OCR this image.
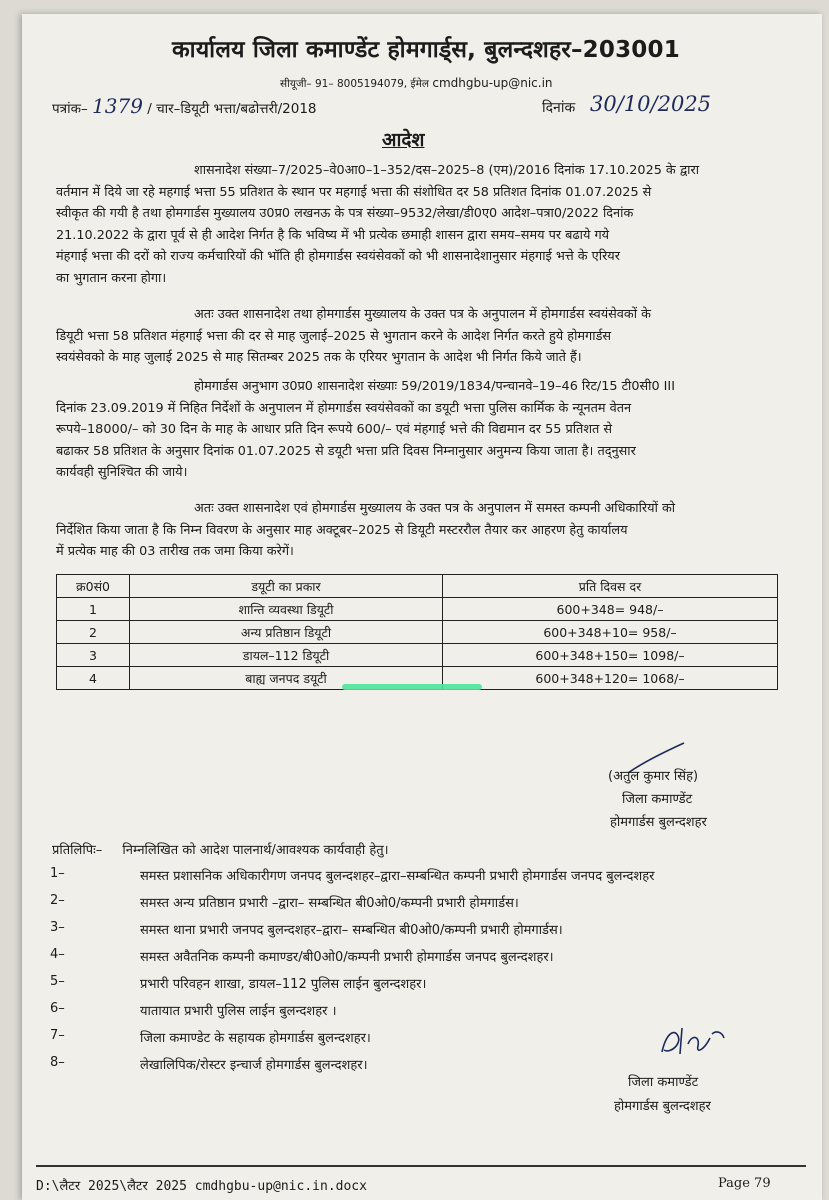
कार्यालय जिला कमाण्डेंट होमगार्ड्स, बुलन्दशहर–203001
सीयूजी– 91– 8005194079, ईमेल cmdhgbu-up@nic.in
पत्रांक– 1379 / चार–डियूटी भत्ता/बढोत्तरी/2018	दिनांक 30/10/2025
आदेश
शासनादेश संख्या–7/2025–वे0आ0–1–352/दस–2025–8 (एम)/2016 दिनांक 17.10.2025 के द्वारा
वर्तमान में दिये जा रहे महगाई भत्ता 55 प्रतिशत के स्थान पर महगाई भत्ता की संशोधित दर 58 प्रतिशत दिनांक 01.07.2025 से
स्वीकृत की गयी है तथा होमगार्डस मुख्यालय उ0प्र0 लखनऊ के पत्र संख्या–9532/लेखा/डी0ए0 आदेश–पत्रा0/2022 दिनांक
21.10.2022 के द्वारा पूर्व से ही आदेश निर्गत है कि भविष्य में भी प्रत्येक छमाही शासन द्वारा समय–समय पर बढाये गये
मंहगाई भत्ता की दरों को राज्य कर्मचारियों की भॉति ही होमगार्डस स्वयंसेवकों को भी शासनादेशानुसार मंहगाई भत्ते के एरियर
का भुगतान करना होगा।
अतः उक्त शासनादेश तथा होमगार्डस मुख्यालय के उक्त पत्र के अनुपालन में होमगार्डस स्वयंसेवकों के
डियूटी भत्ता 58 प्रतिशत मंहगाई भत्ता की दर से माह जुलाई–2025 से भुगतान करने के आदेश निर्गत करते हुये होमगार्डस
स्वयंसेवको के माह जुलाई 2025 से माह सितम्बर 2025 तक के एरियर भुगतान के आदेश भी निर्गत किये जाते हैं।
होमगार्डस अनुभाग उ0प्र0 शासनादेश संख्याः 59/2019/1834/पन्चानवे–19–46 रिट/15 टी0सी0 III
दिनांक 23.09.2019 में निहित निर्देशों के अनुपालन में होमगार्डस स्वयंसेवकों का डयूटी भत्ता पुलिस कार्मिक के न्यूनतम वेतन
रूपये–18000/– को 30 दिन के माह के आधार प्रति दिन रूपये 600/– एवं मंहगाई भत्ते की विद्यमान दर 55 प्रतिशत से
बढाकर 58 प्रतिशत के अनुसार दिनांक 01.07.2025 से डयूटी भत्ता प्रति दिवस निम्नानुसार अनुमन्य किया जाता है। तद्नुसार
कार्यवही सुनिश्चित की जाये।
अतः उक्त शासनादेश एवं होमगार्डस मुख्यालय के उक्त पत्र के अनुपालन में समस्त कम्पनी अधिकारियों को
निर्देशित किया जाता है कि निम्न विवरण के अनुसार माह अक्टूबर–2025 से डियूटी मस्टररौल तैयार कर आहरण हेतु कार्यालय
में प्रत्येक माह की 03 तारीख तक जमा किया करेगें।
क्र0सं0	डयूटी का प्रकार	प्रति दिवस दर
1	शान्ति व्यवस्था डियूटी	600+348= 948/–
2	अन्य प्रतिष्ठान डियूटी	600+348+10= 958/–
3	डायल–112 डियूटी	600+348+150= 1098/–
4	बाह्य जनपद डयूटी	600+348+120= 1068/–
(अतुल कुमार सिंह)
जिला कमाण्डेंट
होमगार्डस बुलन्दशहर
प्रतिलिपिः– निम्नलिखित को आदेश पालनार्थ/आवश्यक कार्यवाही हेतु।
1–	समस्त प्रशासनिक अधिकारीगण जनपद बुलन्दशहर–द्वारा–सम्बन्धित कम्पनी प्रभारी होमगार्डस जनपद बुलन्दशहर
2–	समस्त अन्य प्रतिष्ठान प्रभारी –द्वारा– सम्बन्धित बी0ओ0/कम्पनी प्रभारी होमगार्डस।
3–	समस्त थाना प्रभारी जनपद बुलन्दशहर–द्वारा– सम्बन्धित बी0ओ0/कम्पनी प्रभारी होमगार्डस।
4–	समस्त अवैतनिक कम्पनी कमाण्डर/बी0ओ0/कम्पनी प्रभारी होमगार्डस जनपद बुलन्दशहर।
5–	प्रभारी परिवहन शाखा, डायल–112 पुलिस लाईन बुलन्दशहर।
6–	यातायात प्रभारी पुलिस लाईन बुलन्दशहर ।
7–	जिला कमाण्डेट के सहायक होमगार्डस बुलन्दशहर।
8–	लेखालिपिक/रोस्टर इन्चार्ज होमगार्डस बुलन्दशहर।
जिला कमाण्डेंट
होमगार्डस बुलन्दशहर
D:\लैटर 2025\लैटर 2025 cmdhgbu-up@nic.in.docx	Page 79
